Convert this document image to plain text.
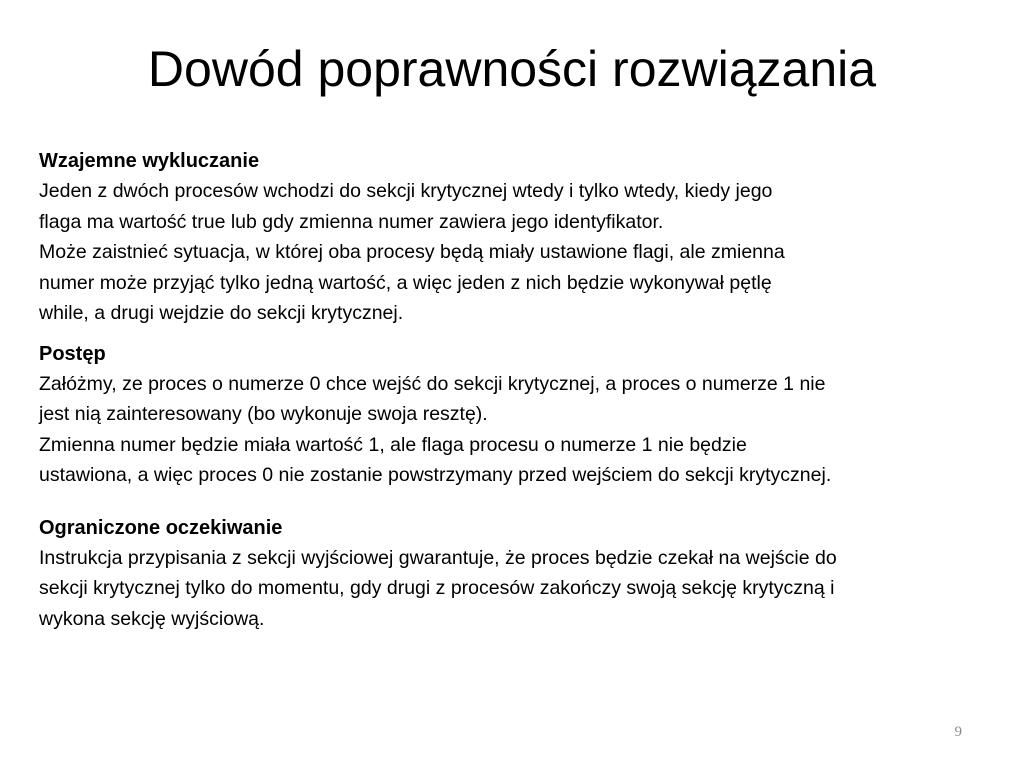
Dowód poprawności rozwiązania
Wzajemne wykluczanie
Jeden z dwóch procesów wchodzi do sekcji krytycznej wtedy i tylko wtedy, kiedy jego
flaga ma wartość true lub gdy zmienna numer zawiera jego identyfikator.
Może zaistnieć sytuacja, w której oba procesy będą miały ustawione flagi, ale zmienna
numer może przyjąć tylko jedną wartość, a więc jeden z nich będzie wykonywał pętlę
while, a drugi wejdzie do sekcji krytycznej.
Postęp
Załóżmy, ze proces o numerze 0 chce wejść do sekcji krytycznej, a proces o numerze 1 nie
jest nią zainteresowany (bo wykonuje swoja resztę).
Zmienna numer będzie miała wartość 1, ale flaga procesu o numerze 1 nie będzie
ustawiona, a więc proces 0 nie zostanie powstrzymany przed wejściem do sekcji krytycznej.
Ograniczone oczekiwanie
Instrukcja przypisania z sekcji wyjściowej gwarantuje, że proces będzie czekał na wejście do
sekcji krytycznej tylko do momentu, gdy drugi z procesów zakończy swoją sekcję krytyczną i
wykona sekcję wyjściową.
9
